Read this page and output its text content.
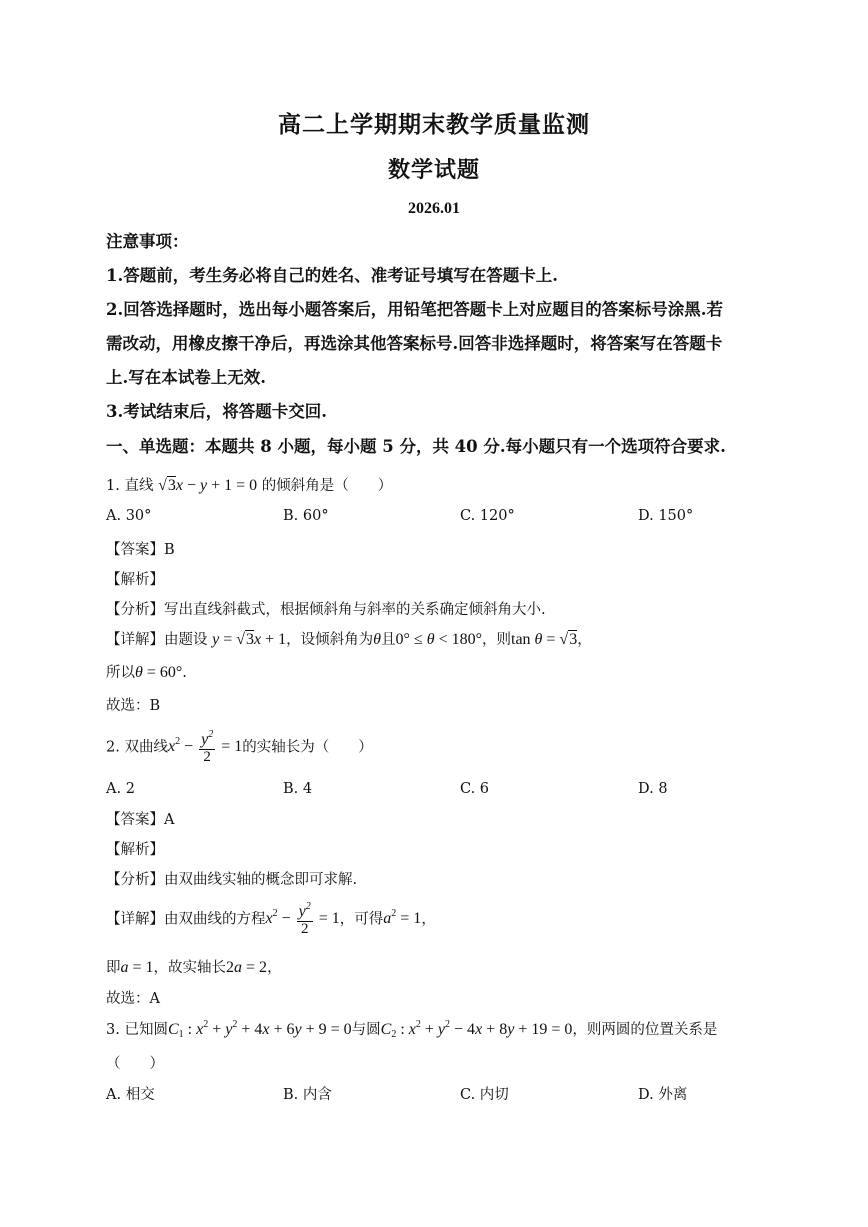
高二上学期期末教学质量监测
数学试题
2026.01
注意事项：
1.答题前，考生务必将自己的姓名、准考证号填写在答题卡上.
2.回答选择题时，选出每小题答案后，用铅笔把答题卡上对应题目的答案标号涂黑.若
需改动，用橡皮擦干净后，再选涂其他答案标号.回答非选择题时，将答案写在答题卡
上.写在本试卷上无效.
3.考试结束后，将答题卡交回.
一、单选题：本题共 8 小题，每小题 5 分，共 40 分.每小题只有一个选项符合要求.
1. 直线 √3x − y + 1 = 0 的倾斜角是（　　）
A. 30°	B. 60°	C. 120°	D. 150°
【答案】B
【解析】
【分析】写出直线斜截式，根据倾斜角与斜率的关系确定倾斜角大小.
【详解】由题设 y = √3x + 1，设倾斜角为θ且0° ≤ θ < 180°，则tan θ = √3，
所以θ = 60°.
故选：B
2. 双曲线$x^2 - \frac{y^2}{2} = 1$的实轴长为（　　）
A. 2	B. 4	C. 6	D. 8
【答案】A
【解析】
【分析】由双曲线实轴的概念即可求解.
【详解】由双曲线的方程$x^2 - \frac{y^2}{2} = 1$，可得$a^2 = 1$，
即a = 1，故实轴长2a = 2，
故选：A
3. 已知圆$C_1$ : $x^2 + y^2 + 4x + 6y + 9 = 0$与圆$C_2$ : $x^2 + y^2 - 4x + 8y + 19 = 0$，则两圆的位置关系是
（　　）
A. 相交	B. 内含	C. 内切	D. 外离
